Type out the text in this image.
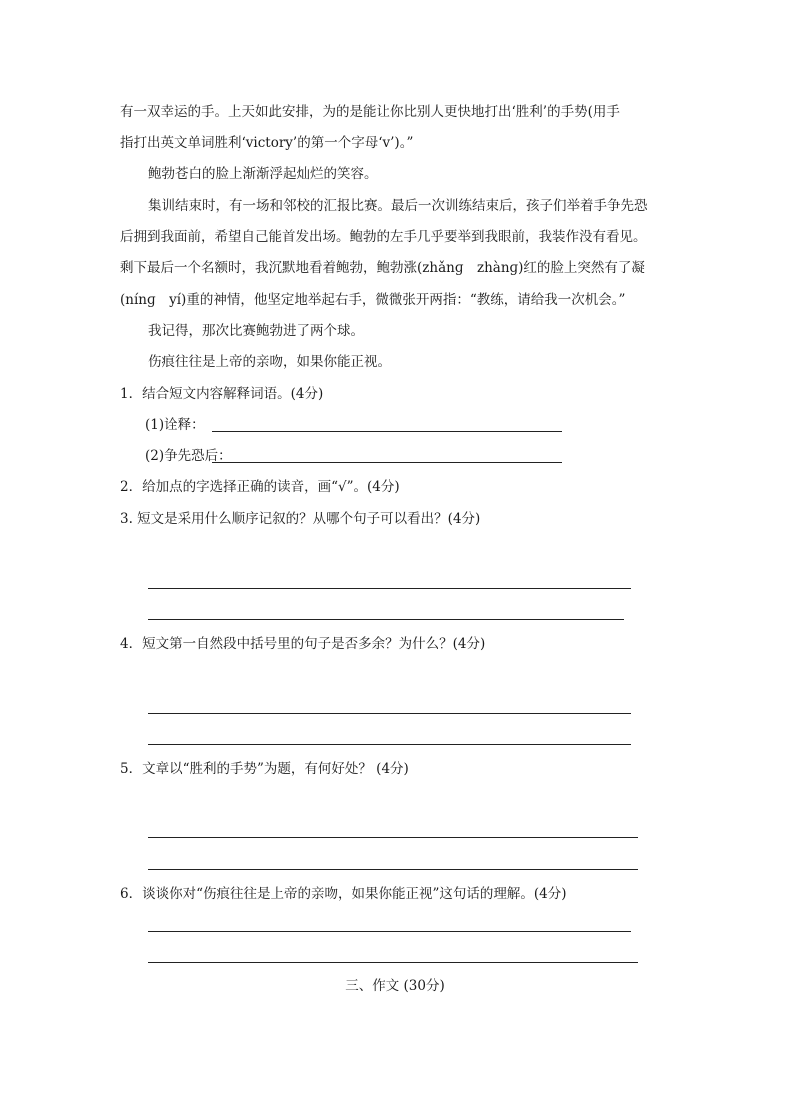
有一双幸运的手。上天如此安排，为的是能让你比别人更快地打出‘胜利’的手势(用手
指打出英文单词胜利‘victory’的第一个字母‘v’)。”
鲍勃苍白的脸上渐渐浮起灿烂的笑容。
集训结束时，有一场和邻校的汇报比赛。最后一次训练结束后，孩子们举着手争先恐
后拥到我面前，希望自己能首发出场。鲍勃的左手几乎要举到我眼前，我装作没有看见。
剩下最后一个名额时，我沉默地看着鲍勃，鲍勃涨(zhǎnɡ　zhànɡ)红的脸上突然有了凝
(nínɡ　yí)重的神情，他坚定地举起右手，微微张开两指：“教练，请给我一次机会。”
我记得，那次比赛鲍勃进了两个球。
伤痕往往是上帝的亲吻，如果你能正视。
1．结合短文内容解释词语。(4分)
(1)诠释：
(2)争先恐后：
2．给加点的字选择正确的读音，画“√”。(4分)
3. 短文是采用什么顺序记叙的？从哪个句子可以看出？(4分)
4．短文第一自然段中括号里的句子是否多余？为什么？(4分)
5．文章以“胜利的手势”为题，有何好处？ (4分)
6．谈谈你对“伤痕往往是上帝的亲吻，如果你能正视”这句话的理解。(4分)
三、作文 (30分)
